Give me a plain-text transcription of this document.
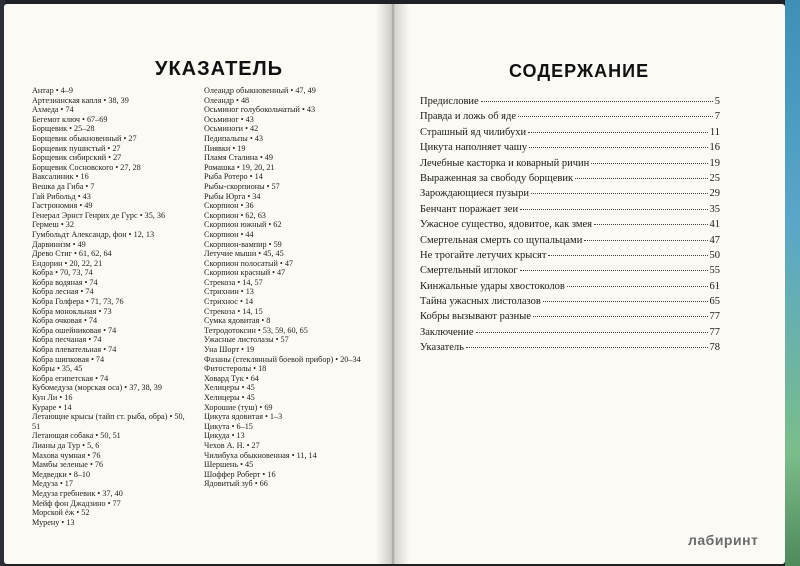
УКАЗАТЕЛЬ
Антар • 4–9
Артезианская капля • 38, 39
Ахмеда • 74
Бегемот ключ • 67–69
Борщевик • 25–28
Борщевик обыкновенный • 27
Борщевик пушистый • 27
Борщевик сибирский • 27
Борщевик Сосновского • 27, 28
Ваксалиник • 16
Вешка да Гиба • 7
Гай Рибольд • 43
Гастрономия • 49
Генерал Эрнст Генрих де Гурс • 35, 36
Гермеш • 32
Гумбольдт Александр, фон • 12, 13
Дарвинизм • 49
Древо Стиг • 61, 62, 64
Ендорин • 20, 22, 21
Кобра • 70, 73, 74
Кобра водяная • 74
Кобра лесная • 74
Кобра Голфера • 71, 73, 76
Кобра монокльная • 73
Кобра очковая • 74
Кобра ошейниковая • 74
Кобра песчаная • 74
Кобра плевательная • 74
Кобра шипковая • 74
Кобры • 35, 45
Кобра египетская • 74
Кубомедуза (морская оса) • 37, 38, 39
Кун Ли • 16
Кураре • 14
Летающие крысы (тайп ст. рыба, обра) • 50, 51
Летающая собака • 50, 51
Лианы да Тур • 5, 6
Махова чумная • 76
Мамбы зеленые • 76
Медведки • 8–10
Медуза • 17
Медуза гребневик • 37, 40
Мейф фон Джадзино • 77
Морской ёж • 52
Мурену • 13
Олеандр обыкновенный • 47, 49
Олеандр • 48
Осьминог голубокольчатый • 43
Осьминог • 43
Осьминоги • 42
Педипальпы • 43
Пиявки • 19
Пламя Сталина • 49
Ромашка • 19, 20, 21
Рыба Ротеро • 14
Рыбы-скорпионы • 57
Рыбы Юрга • 34
Скорпион • 36
Скорпион • 62, 63
Скорпион южный • 62
Скорпион • 44
Скорпион-вампир • 59
Летучие мыши • 45, 45
Скорпион полосатый • 47
Скорпион красный • 47
Стрекоза • 14, 57
Стрихнин • 13
Стрихнос • 14
Стрекоза • 14, 15
Сумка ядовитая • 8
Тетродотоксин • 53, 59, 60, 65
Ужасные листолазы • 57
Уна Шорт • 19
Фазаны (стеклянный боевой прибор) • 20–34
Фитостеролы • 18
Ховард Тук • 64
Хелицеры • 45
Хелицеры • 45
Хорошие (туш) • 69
Цикута ядовитая • 1–3
Цикута • 6–15
Цикуда • 13
Чехов А. Н. • 27
Чилибуха обыкновенная • 11, 14
Шершень • 45
Шоффер Роберт • 16
Ядовитый зуб • 66
СОДЕРЖАНИЕ
Предисловие	5
Правда и ложь об яде	7
Страшный яд чилибухи	11
Цикута наполняет чашу	16
Лечебные касторка и коварный ричин	19
Выраженная за свободу борщевик	25
Зарождающиеся пузыри	29
Бенчант поражает зеи	35
Ужасное существо, ядовитое, как змея	41
Смертельная смерть со щупальцами	47
Не трогайте летучих крысят	50
Смертельный иглоког	55
Кинжальные удары хвостоколов	61
Тайна ужасных листолазов	65
Кобры вызывают разные	77
Заключение	77
Указатель	78
лабиринт
